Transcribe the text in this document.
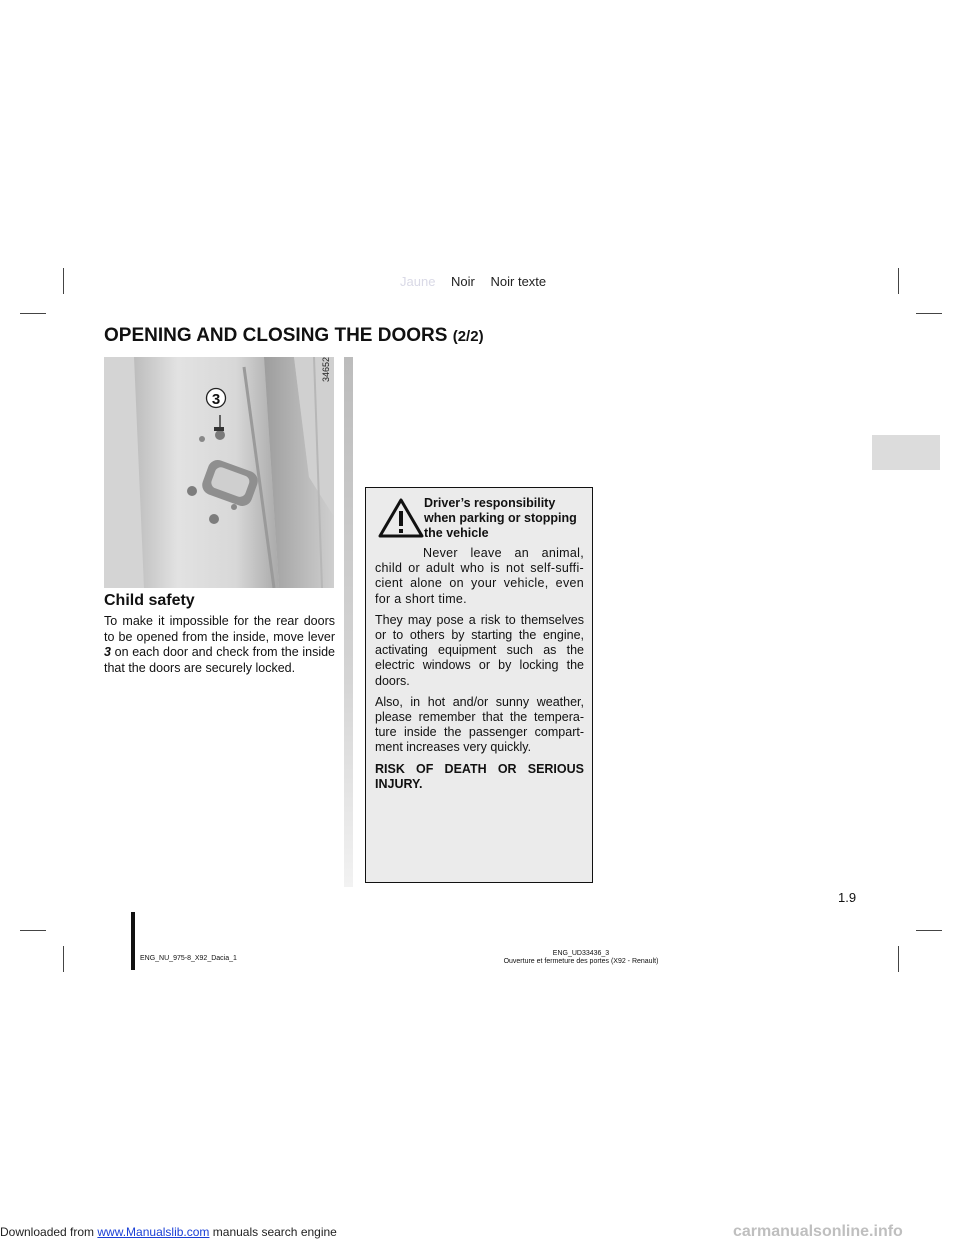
Jaune Noir Noir texte
OPENING AND CLOSING THE DOORS (2/2)
3
34652
Child safety
To make it impossible for the rear doors to be opened from the inside, move lever 3 on each door and check from the inside that the doors are securely locked.
Driver’s responsibility when parking or stopping the vehicle

Never leave an animal, child or adult who is not self-suffi-cient alone on your vehicle, even for a short time.

They may pose a risk to themselves or to others by starting the engine, activating equipment such as the electric windows or by locking the doors.

Also, in hot and/or sunny weather, please remember that the tempera-ture inside the passenger compart-ment increases very quickly.

RISK OF DEATH OR SERIOUS INJURY.

1.9
ENG_NU_975-8_X92_Dacia_1
ENG_UD33436_3
Ouverture et fermeture des portes (X92 - Renault)
Downloaded from www.Manualslib.com manuals search engine	carmanualsonline.info
